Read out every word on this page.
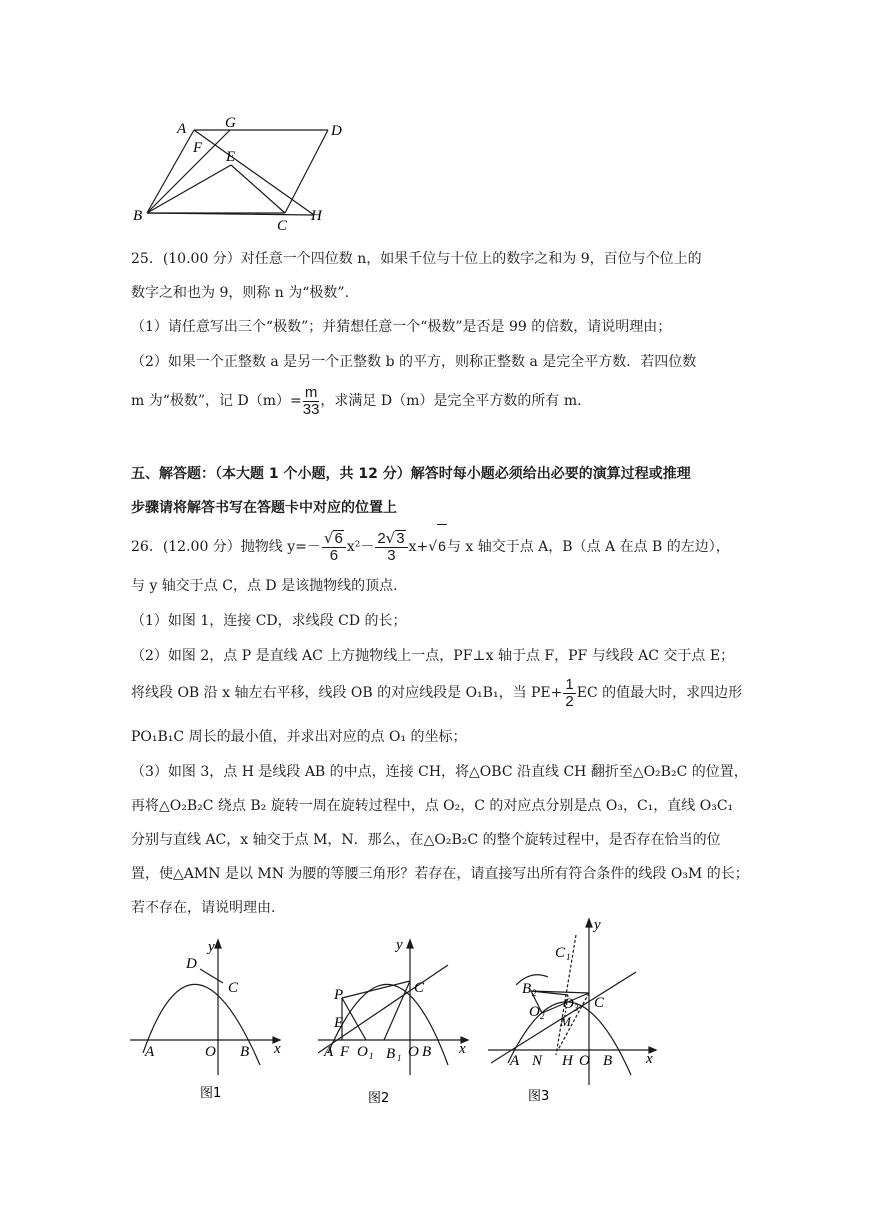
A	G	D
F
E
B
C
H
25．(10.00 分）对任意一个四位数 n，如果千位与十位上的数字之和为 9，百位与个位上的
数字之和也为 9，则称 n 为“极数”.
（1）请任意写出三个“极数”；并猜想任意一个“极数”是否是 99 的倍数，请说明理由；
（2）如果一个正整数 a 是另一个正整数 b 的平方，则称正整数 a 是完全平方数．若四位数
m 为“极数”，记 $D(m)= \frac{m}{33}$ ，求满足 D（m）是完全平方数的所有 m.
五、解答题：（本大题 1 个小题，共 12 分）解答时每小题必须给出必要的演算过程或推理
步骤请将解答书写在答题卡中对应的位置上
26．(12.00 分）抛物线 $y=- \frac{√6}{6} x^2- \frac{2√3}{3} x+√6$与 x 轴交于点 A，B（点 A 在点 B 的左边），
与 y 轴交于点 C，点 D 是该抛物线的顶点.
（1）如图 1，连接 CD，求线段 CD 的长；
（2）如图 2，点 P 是直线 AC 上方抛物线上一点，PF⊥x 轴于点 F，PF 与线段 AC 交于点 E；
将线段 OB 沿 x 轴左右平移，线段 OB 的对应线段是 O₁B₁，当 $PE+ \frac{1}{2}$ EC 的值最大时，求四边形
PO₁B₁C 周长的最小值，并求出对应的点 O₁ 的坐标；
（3）如图 3，点 H 是线段 AB 的中点，连接 CH，将△OBC 沿直线 CH 翻折至△O₂B₂C 的位置，
再将△O₂B₂C 绕点 B₂ 旋转一周在旋转过程中，点 O₂，C 的对应点分别是点 O₃，C₁，直线 O₃C₁
分别与直线 AC，x 轴交于点 M，N．那么，在△O₂B₂C 的整个旋转过程中，是否存在恰当的位
置，使△AMN 是以 MN 为腰的等腰三角形？若存在，请直接写出所有符合条件的线段 O₃M 的长；
若不存在，请说明理由.
y
x
D
C
A	O B
图1
y
x
P	C
E
A F O 1 B 1 O B
图2
y
x
C 1
B 2
O 3
O 2 M
C
A N H O B
图3
